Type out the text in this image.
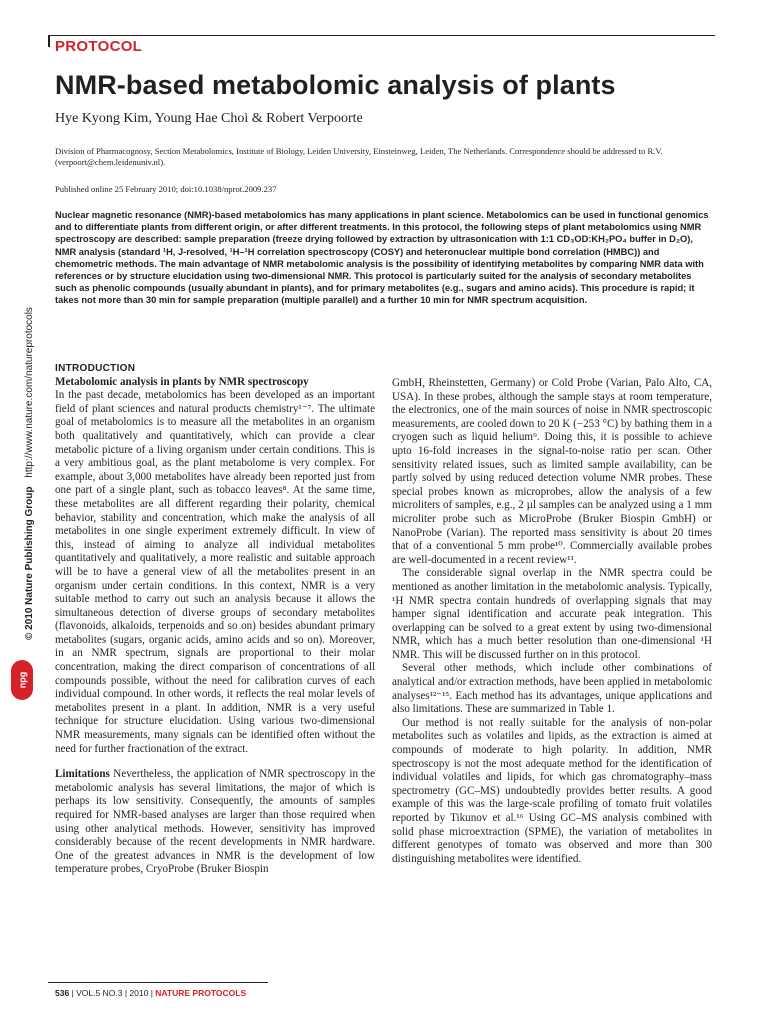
PROTOCOL
NMR-based metabolomic analysis of plants
Hye Kyong Kim, Young Hae Choi & Robert Verpoorte
Division of Pharmacognosy, Section Metabolomics, Institute of Biology, Leiden University, Einsteinweg, Leiden, The Netherlands. Correspondence should be addressed to R.V. (verpoort@chem.leidenuniv.nl).
Published online 25 February 2010; doi:10.1038/nprot.2009.237
Nuclear magnetic resonance (NMR)-based metabolomics has many applications in plant science. Metabolomics can be used in functional genomics and to differentiate plants from different origin, or after different treatments. In this protocol, the following steps of plant metabolomics using NMR spectroscopy are described: sample preparation (freeze drying followed by extraction by ultrasonication with 1:1 CD₃OD:KH₂PO₄ buffer in D₂O), NMR analysis (standard ¹H, J-resolved, ¹H–¹H correlation spectroscopy (COSY) and heteronuclear multiple bond correlation (HMBC)) and chemometric methods. The main advantage of NMR metabolomic analysis is the possibility of identifying metabolites by comparing NMR data with references or by structure elucidation using two-dimensional NMR. This protocol is particularly suited for the analysis of secondary metabolites such as phenolic compounds (usually abundant in plants), and for primary metabolites (e.g., sugars and amino acids). This procedure is rapid; it takes not more than 30 min for sample preparation (multiple parallel) and a further 10 min for NMR spectrum acquisition.
© 2010 Nature Publishing Group http://www.nature.com/natureprotocols
npg
INTRODUCTION
Metabolomic analysis in plants by NMR spectroscopy

In the past decade, metabolomics has been developed as an important field of plant sciences and natural products chemistry¹⁻⁷. The ultimate goal of metabolomics is to measure all the metabolites in an organism both qualitatively and quantitatively, which can provide a clear metabolic picture of a living organism under certain conditions. This is a very ambitious goal, as the plant metabolome is very complex. For example, about 3,000 metabolites have already been reported just from one part of a single plant, such as tobacco leaves⁸. At the same time, these metabolites are all different regarding their polarity, chemical behavior, stability and concentration, which make the analysis of all metabolites in one single experiment extremely difficult. In view of this, instead of aiming to analyze all individual metabolites quantitatively and qualitatively, a more realistic and suitable approach will be to have a general view of all the metabolites present in an organism under certain conditions. In this context, NMR is a very suitable method to carry out such an analysis because it allows the simultaneous detection of diverse groups of secondary metabolites (flavonoids, alkaloids, terpenoids and so on) besides abundant primary metabolites (sugars, organic acids, amino acids and so on). Moreover, in an NMR spectrum, signals are proportional to their molar concentration, making the direct comparison of concentrations of all compounds possible, without the need for calibration curves of each individual compound. In other words, it reflects the real molar levels of metabolites present in a plant. In addition, NMR is a very useful technique for structure elucidation. Using various two-dimensional NMR measurements, many signals can be identified often without the need for further fractionation of the extract.

Limitations Nevertheless, the application of NMR spectroscopy in the metabolomic analysis has several limitations, the major of which is perhaps its low sensitivity. Consequently, the amounts of samples required for NMR-based analyses are larger than those required when using other analytical methods. However, sensitivity has improved considerably because of the recent developments in NMR hardware. One of the greatest advances in NMR is the development of low temperature probes, CryoProbe (Bruker Biospin

GmbH, Rheinstetten, Germany) or Cold Probe (Varian, Palo Alto, CA, USA). In these probes, although the sample stays at room temperature, the electronics, one of the main sources of noise in NMR spectroscopic measurements, are cooled down to 20 K (−253 °C) by bathing them in a cryogen such as liquid helium⁹. Doing this, it is possible to achieve upto 16-fold increases in the signal-to-noise ratio per scan. Other sensitivity related issues, such as limited sample availability, can be partly solved by using reduced detection volume NMR probes. These special probes known as microprobes, allow the analysis of a few microliters of samples, e.g., 2 µl samples can be analyzed using a 1 mm microliter probe such as MicroProbe (Bruker Biospin GmbH) or NanoProbe (Varian). The reported mass sensitivity is about 20 times that of a conventional 5 mm probe¹⁰. Commercially available probes are well-documented in a recent review¹¹.

The considerable signal overlap in the NMR spectra could be mentioned as another limitation in the metabolomic analysis. Typically, ¹H NMR spectra contain hundreds of overlapping signals that may hamper signal identification and accurate peak integration. This overlapping can be solved to a great extent by using two-dimensional NMR, which has a much better resolution than one-dimensional ¹H NMR. This will be discussed further on in this protocol.

Several other methods, which include other combinations of analytical and/or extraction methods, have been applied in metabolomic analyses¹²⁻¹⁵. Each method has its advantages, unique applications and also limitations. These are summarized in Table 1.

Our method is not really suitable for the analysis of non-polar metabolites such as volatiles and lipids, as the extraction is aimed at compounds of moderate to high polarity. In addition, NMR spectroscopy is not the most adequate method for the identification of individual volatiles and lipids, for which gas chromatography–mass spectrometry (GC–MS) undoubtedly provides better results. A good example of this was the large-scale profiling of tomato fruit volatiles reported by Tikunov et al.¹⁶ Using GC–MS analysis combined with solid phase microextraction (SPME), the variation of metabolites in different genotypes of tomato was observed and more than 300 distinguishing metabolites were identified.

536 | VOL.5 NO.3 | 2010 | NATURE PROTOCOLS
